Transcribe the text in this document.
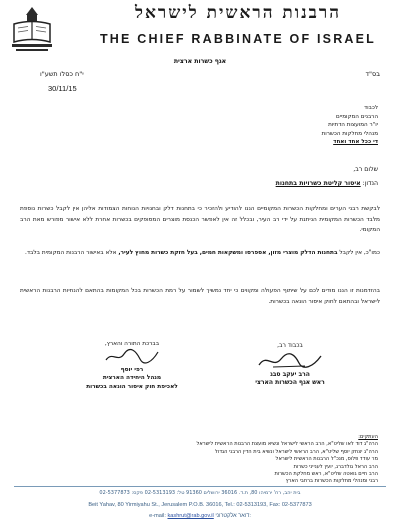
הרבנות הראשית לישראל
THE CHIEF RABBINATE OF ISRAEL
אגף כשרות ארצית
בס"ד
י"ח כסלו תשע"ו
30/11/15
לכבוד
הרבנים המקומיים
יו"ר המועצות הדתיות
מנהלי מחלקות הכשרות
די ככל אחד ואחד
שלום רב,
הנדון: איסור קליטת כשרויות בתחנות
לבקשת רבני הערים ומחלקות הכשרות המקומיים הננו להודיע ולהזכיר כי בתחנות דלק ובחנויות הנוחות הצמודות אליהן אין לקבל כשרות נוספת מלבד הכשרות המקומית הניתנת על ידי רב העיר, ובכלל זה אין לאפשר הכנסת מוצרים המסופקים בכשרות אחרת ללא אישור מפורש מאת הרב המקומי.
כמו"כ, אין לקבל בתחנות הדלק מוצרי מזון, אספרסו ומשקאות חמים, בעל חזקת כשרות מחוץ לעיר, אלא באישור הרבנות המקומית בלבד.
בהזדמנות זו הננו מודים לכם על שיתוף הפעולה ומקווים כי יחד נמשיך לשמור על רמת הכשרות בכל המקומות בהתאם להנחיות הרבנות הראשית לישראל ובהתאם לחוק איסור הונאה בכשרות.
בכבוד רב,
הרב יעקב סבג
ראש אגף הכשרות הארצי
בברכת התורה והארץ,
רפי יוסף
מנהל היחידה הארצית
לאכיפת חוק איסור הונאה בכשרות
העתקים:
הרה"ג דוד לאו שליט"א, הרב הראשי לישראל ונשיא מועצת הרבנות הראשית לישראל
הרה"ג יצחק יוסף שליט"א, הרב הראשי לישראל ונשיא בית הדין הרבני הגדול
מר עודד פלוס, מנכ"ל הרבנות הראשית לישראל
הרב הראל גולדברג, יועץ לענייני כשרות
הרב חיים גואטה שליט"א, ראש מחלקת הכשרות
רבני ומנהלי מחלקות הכשרות ברחבי הארץ
בית יהב, רח' ירמיהו 80, ת.ד. 36016 ירושלים 91360 טל: 02-5313193 פקס: 02-5377873
Beit Yahav, 80 Yirmiyahu St., Jerusalem P.O.B. 36016, Tel.: 02-5313193, Fax: 02-5377873
e-mail: kashrut@rab.gov.il דואר אלקטרוני:
